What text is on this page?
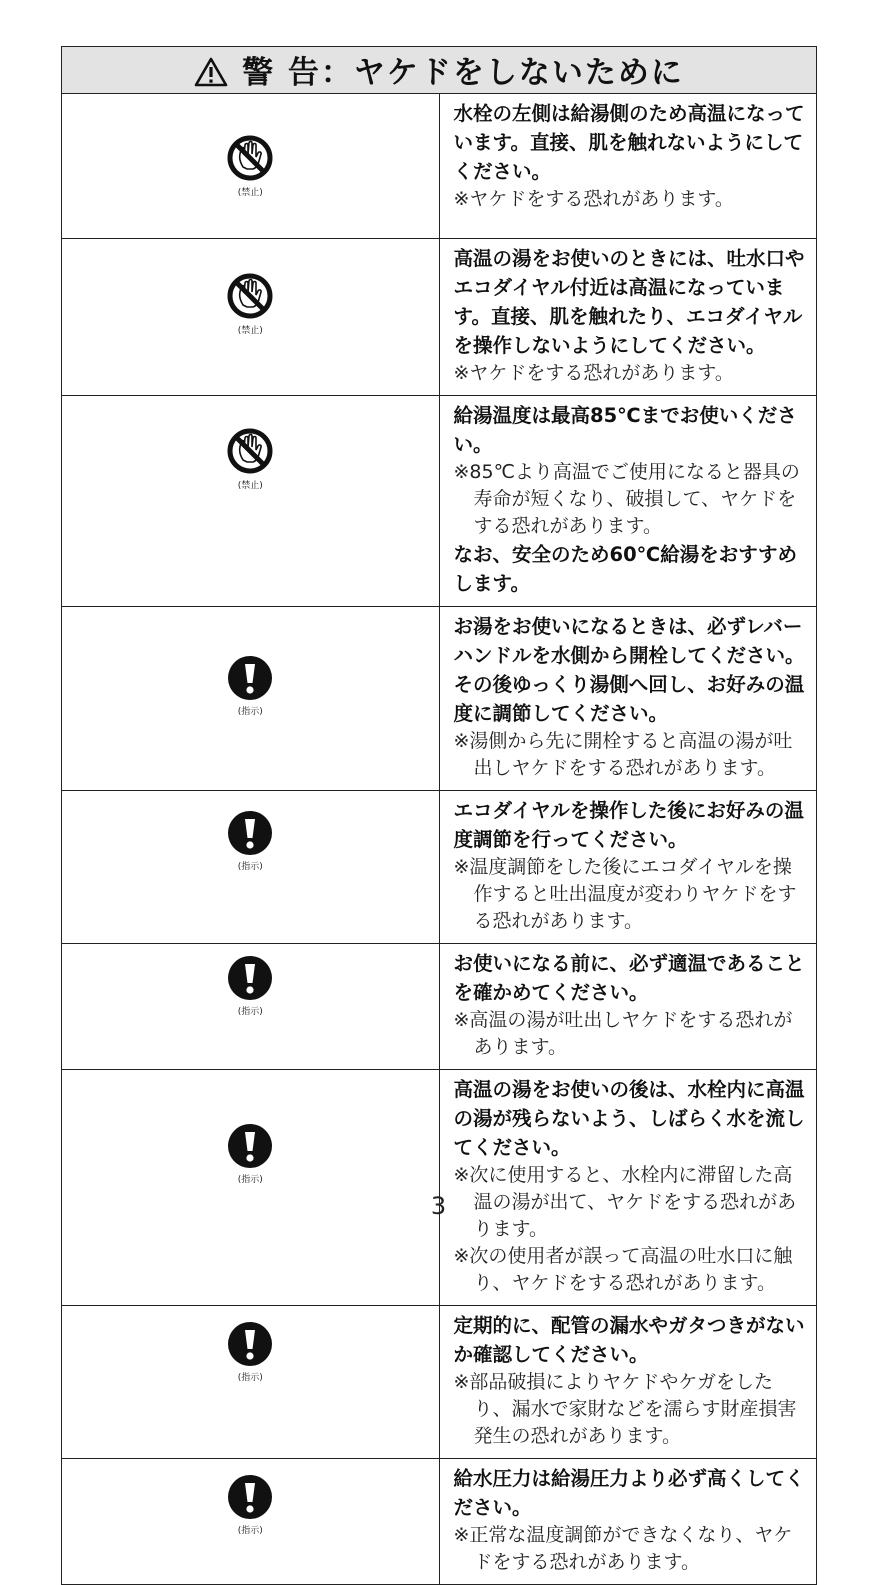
警 告：ヤケドをしないために	

(禁止)	水栓の左側は給湯側のため高温になっています。直接、肌を触れないようにしてください。

※ヤケドをする恐れがあります。

(禁止)	高温の湯をお使いのときには、吐水口やエコダイヤル付近は高温になっています。直接、肌を触れたり、エコダイヤルを操作しないようにしてください。

※ヤケドをする恐れがあります。

(禁止)	給湯温度は最高85℃までお使いください。

※85℃より高温でご使用になると器具の寿命が短くなり、破損して、ヤケドをする恐れがあります。

なお、安全のため60℃給湯をおすすめします。

(指示)	お湯をお使いになるときは、必ずレバーハンドルを水側から開栓してください。その後ゆっくり湯側へ回し、お好みの温度に調節してください。

※湯側から先に開栓すると高温の湯が吐出しヤケドをする恐れがあります。

(指示)	エコダイヤルを操作した後にお好みの温度調節を行ってください。

※温度調節をした後にエコダイヤルを操作すると吐出温度が変わりヤケドをする恐れがあります。

(指示)	お使いになる前に、必ず適温であることを確かめてください。

※高温の湯が吐出しヤケドをする恐れがあります。

(指示)	高温の湯をお使いの後は、水栓内に高温の湯が残らないよう、しばらく水を流してください。

※次に使用すると、水栓内に滞留した高温の湯が出て、ヤケドをする恐れがあります。

※次の使用者が誤って高温の吐水口に触り、ヤケドをする恐れがあります。

(指示)	定期的に、配管の漏水やガタつきがないか確認してください。

※部品破損によりヤケドやケガをしたり、漏水で家財などを濡らす財産損害発生の恐れがあります。

(指示)	給水圧力は給湯圧力より必ず高くしてください。

※正常な温度調節ができなくなり、ヤケドをする恐れがあります。

3
